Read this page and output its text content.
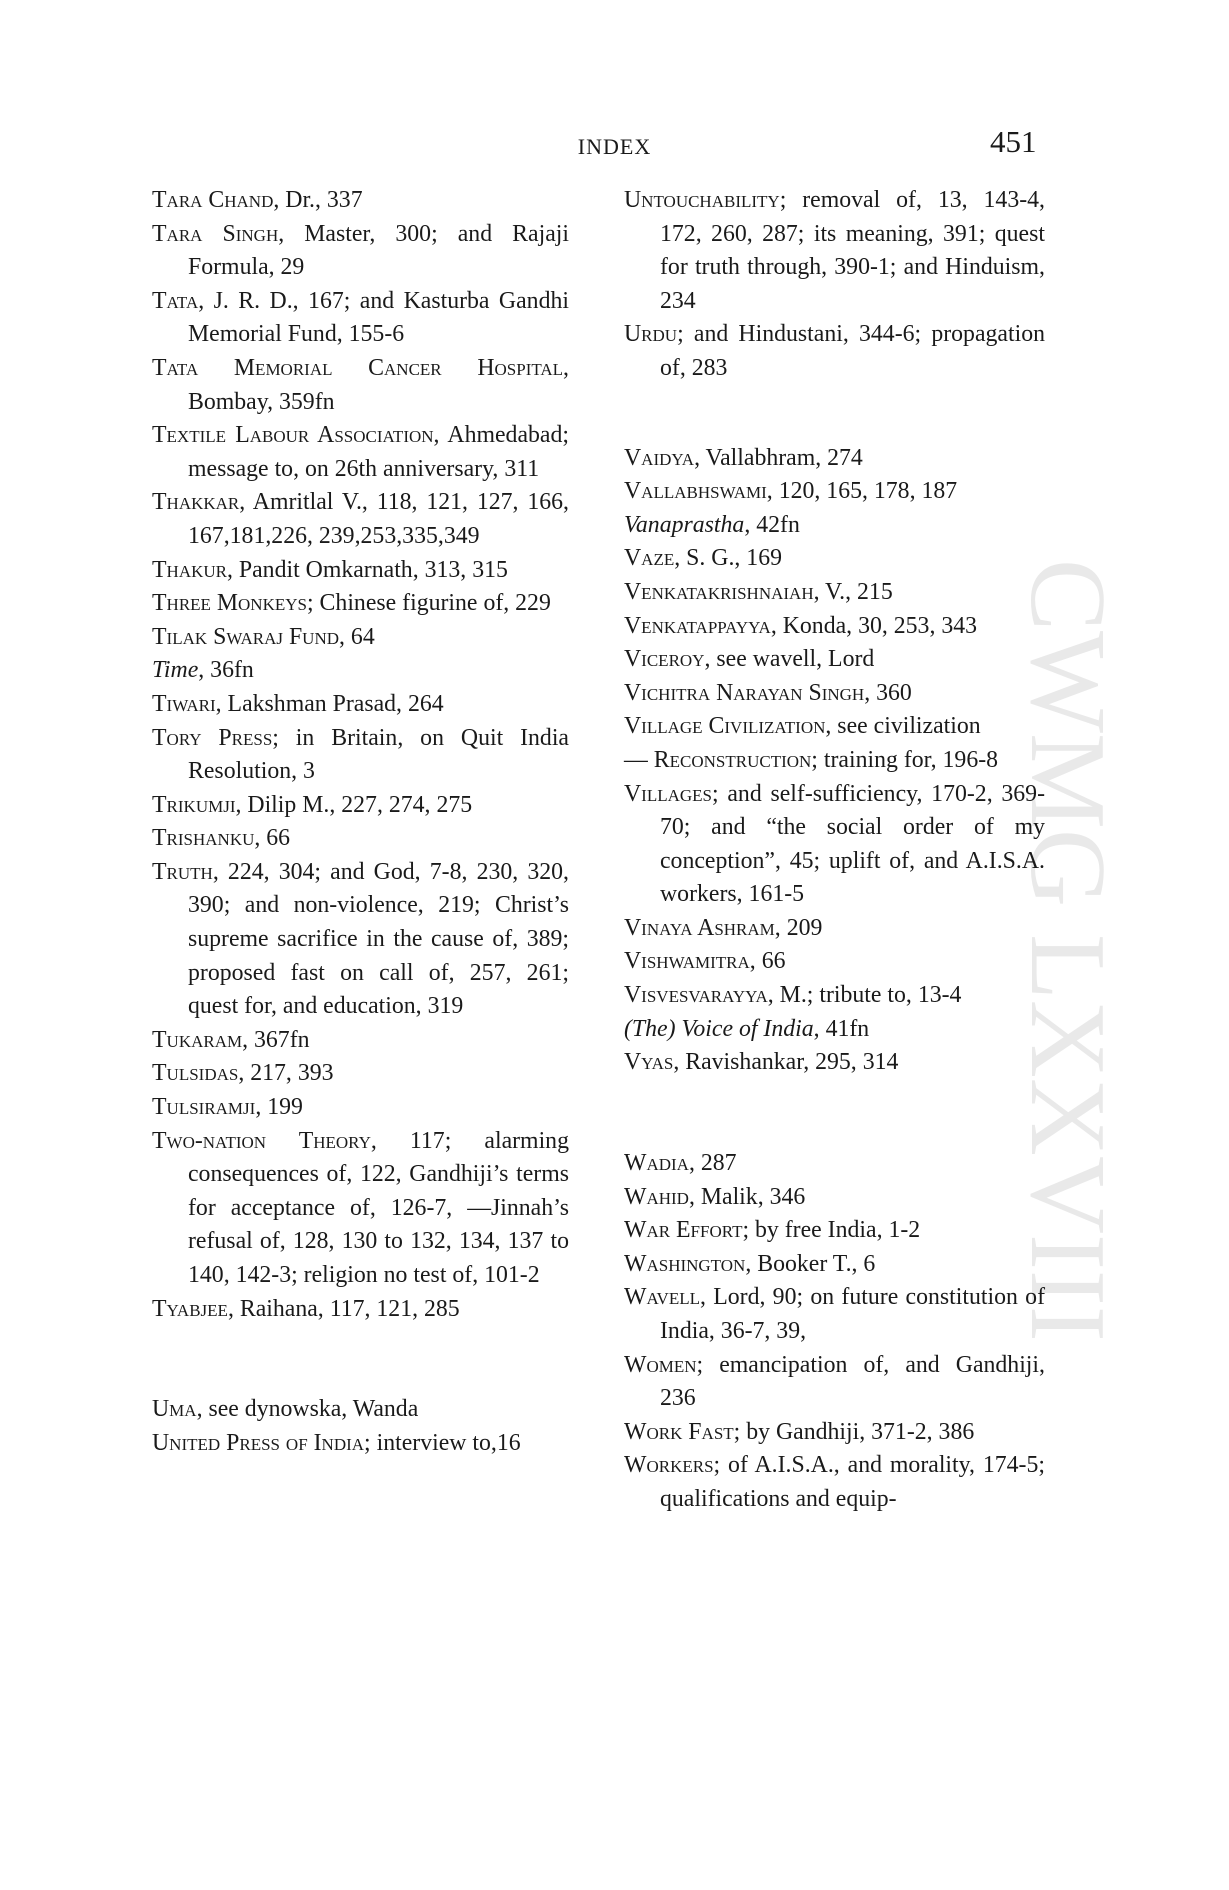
INDEX	451
CWMG LXXVIII

Tara Chand, Dr., 337

Tara Singh, Master, 300; and Rajaji Formula, 29

Tata, J. R. D., 167; and Kasturba Gandhi Memorial Fund, 155-6

Tata Memorial Cancer Hospital, Bombay, 359fn

Textile Labour Association, Ahmedabad; message to, on 26th anniversary, 311

Thakkar, Amritlal V., 118, 121, 127, 166, 167,181,226, 239,253,335,349

Thakur, Pandit Omkarnath, 313, 315

Three Monkeys; Chinese figurine of, 229

Tilak Swaraj Fund, 64

Time, 36fn

Tiwari, Lakshman Prasad, 264

Tory Press; in Britain, on Quit India Resolution, 3

Trikumji, Dilip M., 227, 274, 275

Trishanku, 66

Truth, 224, 304; and God, 7-8, 230, 320, 390; and non-violence, 219; Christ’s supreme sacrifice in the cause of, 389; proposed fast on call of, 257, 261; quest for, and education, 319

Tukaram, 367fn

Tulsidas, 217, 393

Tulsiramji, 199

Two-nation Theory, 117; alarming consequences of, 122, Gandhiji’s terms for acceptance of, 126-7, —Jinnah’s refusal of, 128, 130 to 132, 134, 137 to 140, 142-3; religion no test of, 101-2

Tyabjee, Raihana, 117, 121, 285

Uma, see dynowska, Wanda

United Press of India; interview to,16

Untouchability; removal of, 13, 143-4, 172, 260, 287; its meaning, 391; quest for truth through, 390-1; and Hinduism, 234

Urdu; and Hindustani, 344-6; propagation of, 283

Vaidya, Vallabhram, 274

Vallabhswami, 120, 165, 178, 187

Vanaprastha, 42fn

Vaze, S. G., 169

Venkatakrishnaiah, V., 215

Venkatappayya, Konda, 30, 253, 343

Viceroy, see wavell, Lord

Vichitra Narayan Singh, 360

Village Civilization, see civilization

— Reconstruction; training for, 196-8

Villages; and self-sufficiency, 170-2, 369-70; and “the social order of my conception”, 45; uplift of, and A.I.S.A. workers, 161-5

Vinaya Ashram, 209

Vishwamitra, 66

Visvesvarayya, M.; tribute to, 13-4

(The) Voice of India, 41fn

Vyas, Ravishankar, 295, 314

Wadia, 287

Wahid, Malik, 346

War Effort; by free India, 1-2

Washington, Booker T., 6

Wavell, Lord, 90; on future constitution of India, 36-7, 39,

Women; emancipation of, and Gandhiji, 236

Work Fast; by Gandhiji, 371-2, 386

Workers; of A.I.S.A., and morality, 174-5; qualifications and equip-
